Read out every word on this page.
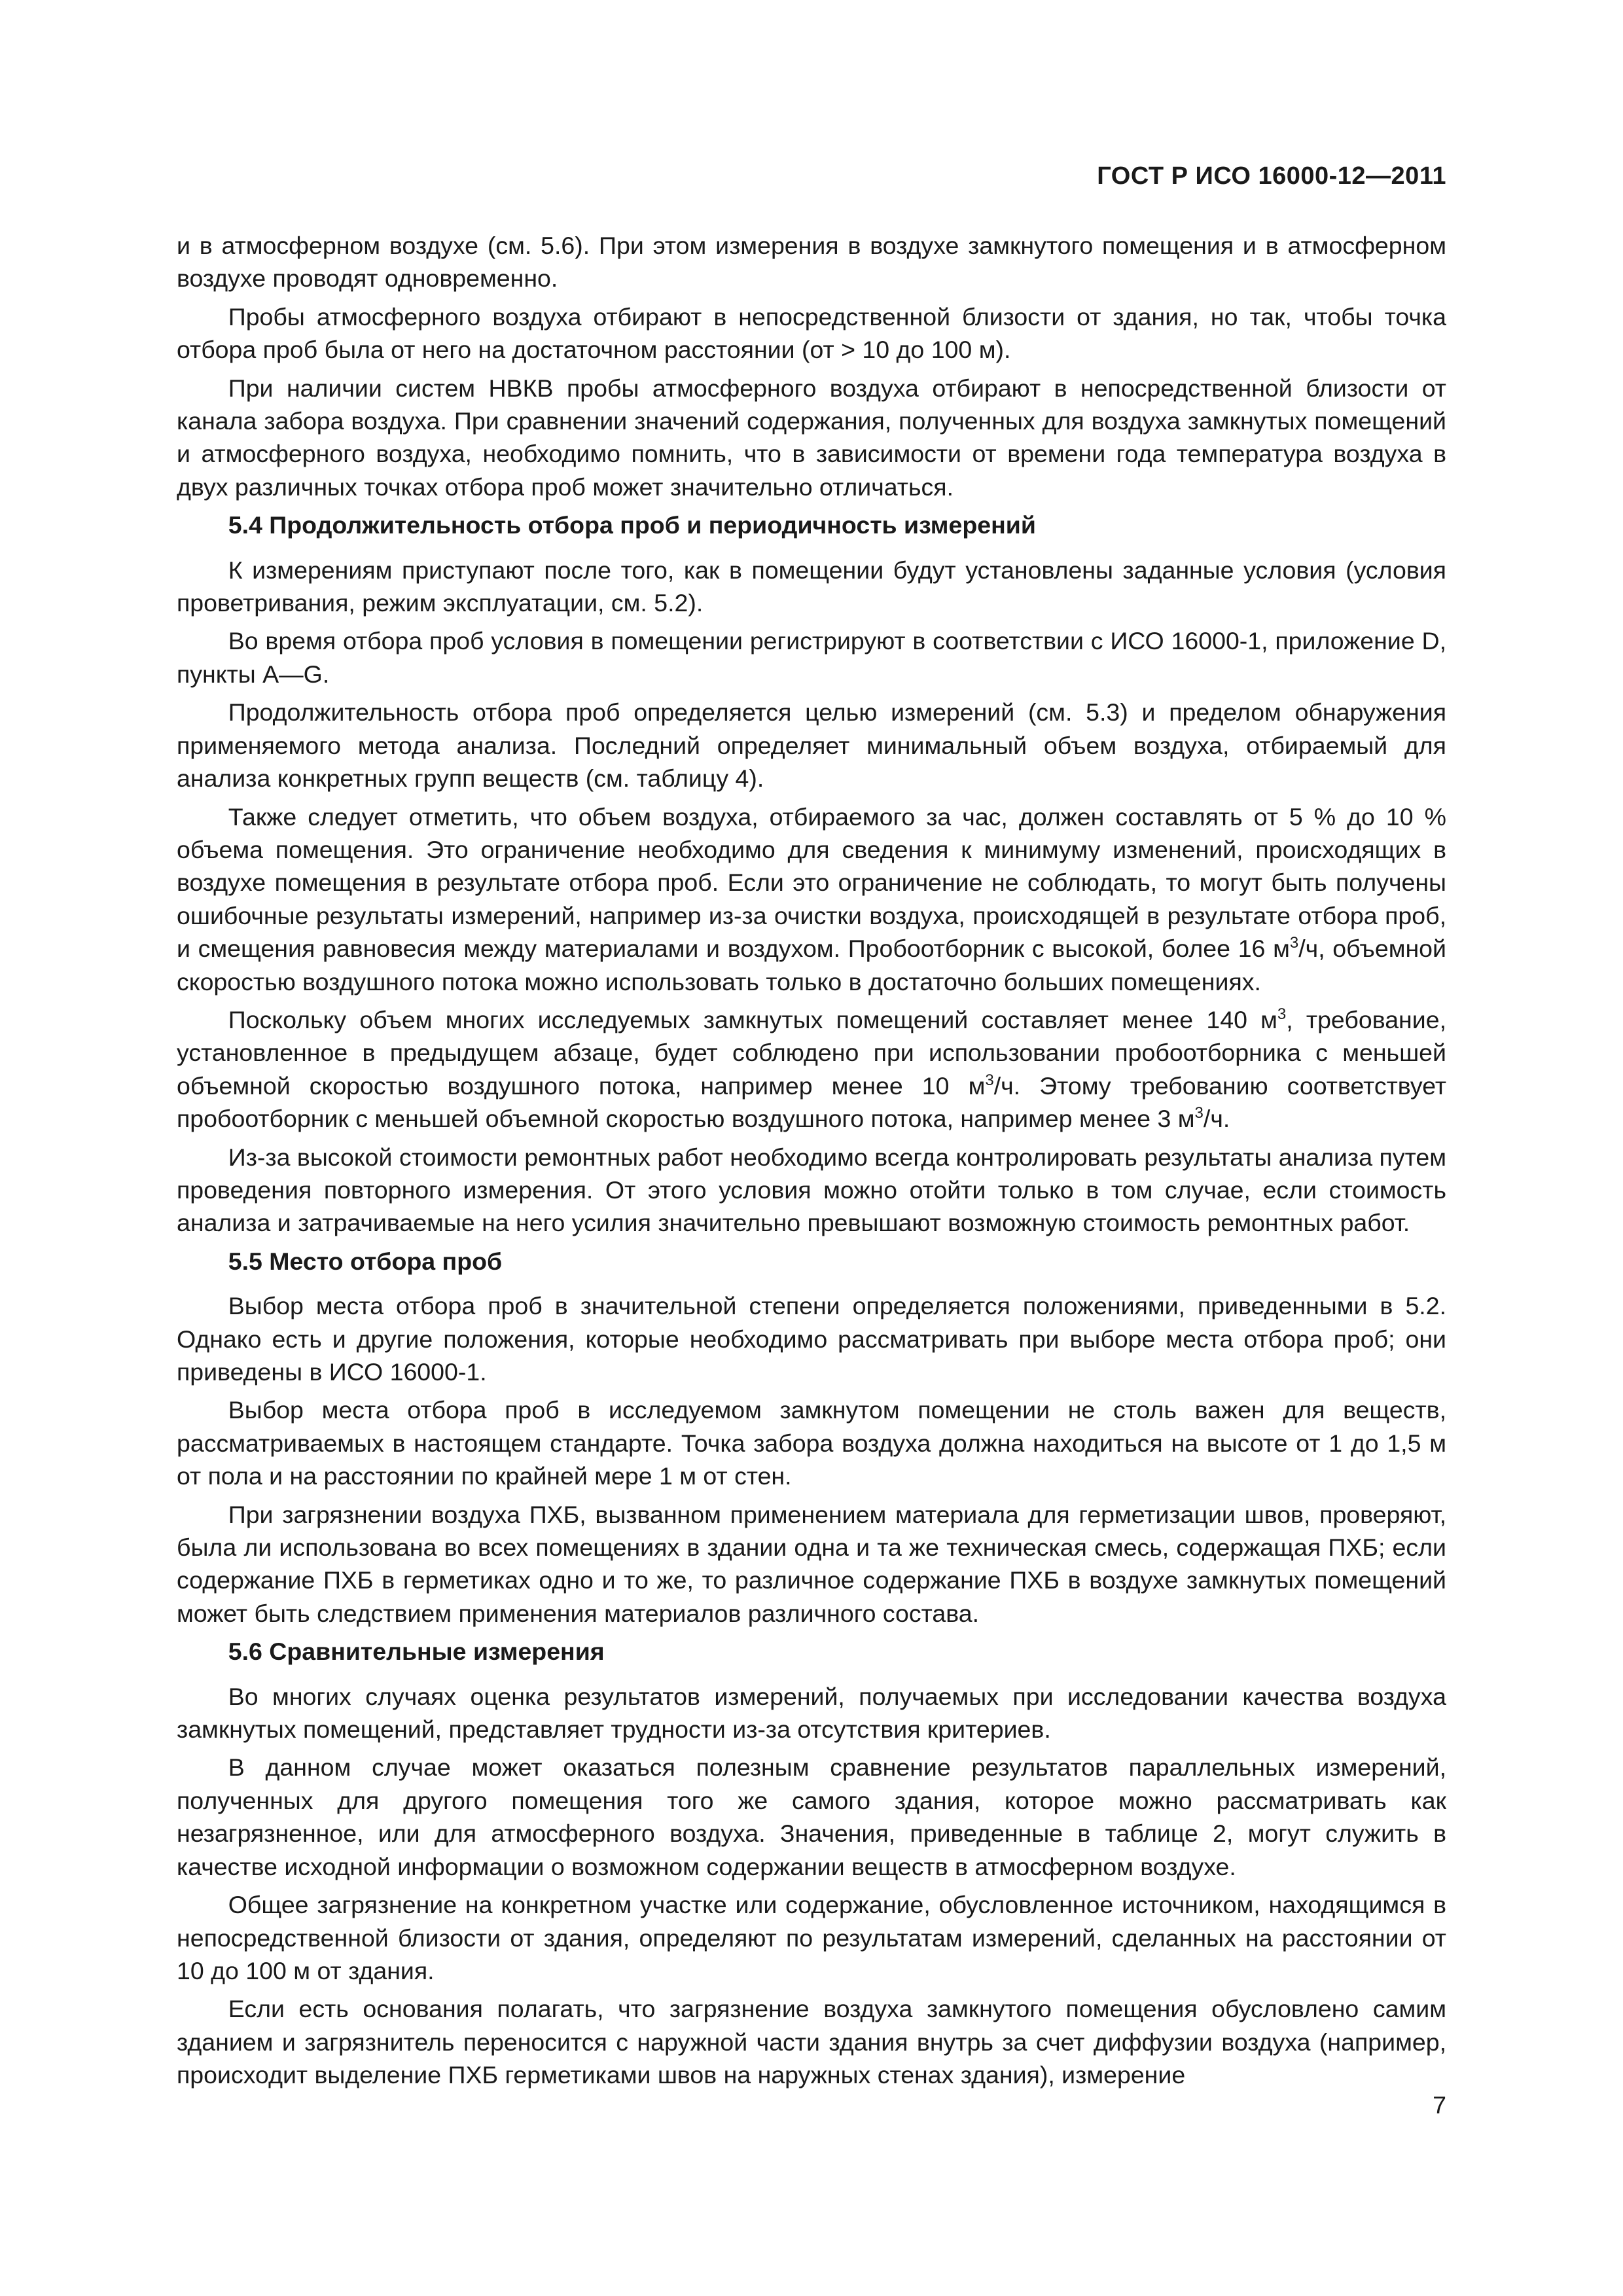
ГОСТ Р ИСО 16000-12—2011

и в атмосферном воздухе (см. 5.6). При этом измерения в воздухе замкнутого помещения и в атмосферном воздухе проводят одновременно.

Пробы атмосферного воздуха отбирают в непосредственной близости от здания, но так, чтобы точка отбора проб была от него на достаточном расстоянии (от > 10 до 100 м).

При наличии систем НВКВ пробы атмосферного воздуха отбирают в непосредственной близости от канала забора воздуха. При сравнении значений содержания, полученных для воздуха замкнутых помещений и атмосферного воздуха, необходимо помнить, что в зависимости от времени года температура воздуха в двух различных точках отбора проб может значительно отличаться.

5.4 Продолжительность отбора проб и периодичность измерений

К измерениям приступают после того, как в помещении будут установлены заданные условия (условия проветривания, режим эксплуатации, см. 5.2).

Во время отбора проб условия в помещении регистрируют в соответствии с ИСО 16000-1, приложение D, пункты A—G.

Продолжительность отбора проб определяется целью измерений (см. 5.3) и пределом обнаружения применяемого метода анализа. Последний определяет минимальный объем воздуха, отбираемый для анализа конкретных групп веществ (см. таблицу 4).

Также следует отметить, что объем воздуха, отбираемого за час, должен составлять от 5 % до 10 % объема помещения. Это ограничение необходимо для сведения к минимуму изменений, происходящих в воздухе помещения в результате отбора проб. Если это ограничение не соблюдать, то могут быть получены ошибочные результаты измерений, например из-за очистки воздуха, происходящей в результате отбора проб, и смещения равновесия между материалами и воздухом. Пробоотборник с высокой, более 16 $м^3/ч$, объемной скоростью воздушного потока можно использовать только в достаточно больших помещениях.

Поскольку объем многих исследуемых замкнутых помещений составляет менее 140 $м^3$, требование, установленное в предыдущем абзаце, будет соблюдено при использовании пробоотборника с меньшей объемной скоростью воздушного потока, например менее 10 $м^3/ч$. Этому требованию соответствует пробоотборник с меньшей объемной скоростью воздушного потока, например менее 3 $м^3/ч$.

Из-за высокой стоимости ремонтных работ необходимо всегда контролировать результаты анализа путем проведения повторного измерения. От этого условия можно отойти только в том случае, если стоимость анализа и затрачиваемые на него усилия значительно превышают возможную стоимость ремонтных работ.

5.5 Место отбора проб

Выбор места отбора проб в значительной степени определяется положениями, приведенными в 5.2. Однако есть и другие положения, которые необходимо рассматривать при выборе места отбора проб; они приведены в ИСО 16000-1.

Выбор места отбора проб в исследуемом замкнутом помещении не столь важен для веществ, рассматриваемых в настоящем стандарте. Точка забора воздуха должна находиться на высоте от 1 до 1,5 м от пола и на расстоянии по крайней мере 1 м от стен.

При загрязнении воздуха ПХБ, вызванном применением материала для герметизации швов, проверяют, была ли использована во всех помещениях в здании одна и та же техническая смесь, содержащая ПХБ; если содержание ПХБ в герметиках одно и то же, то различное содержание ПХБ в воздухе замкнутых помещений может быть следствием применения материалов различного состава.

5.6 Сравнительные измерения

Во многих случаях оценка результатов измерений, получаемых при исследовании качества воздуха замкнутых помещений, представляет трудности из-за отсутствия критериев.

В данном случае может оказаться полезным сравнение результатов параллельных измерений, полученных для другого помещения того же самого здания, которое можно рассматривать как незагрязненное, или для атмосферного воздуха. Значения, приведенные в таблице 2, могут служить в качестве исходной информации о возможном содержании веществ в атмосферном воздухе.

Общее загрязнение на конкретном участке или содержание, обусловленное источником, находящимся в непосредственной близости от здания, определяют по результатам измерений, сделанных на расстоянии от 10 до 100 м от здания.

Если есть основания полагать, что загрязнение воздуха замкнутого помещения обусловлено самим зданием и загрязнитель переносится с наружной части здания внутрь за счет диффузии воздуха (например, происходит выделение ПХБ герметиками швов на наружных стенах здания), измерение

7
